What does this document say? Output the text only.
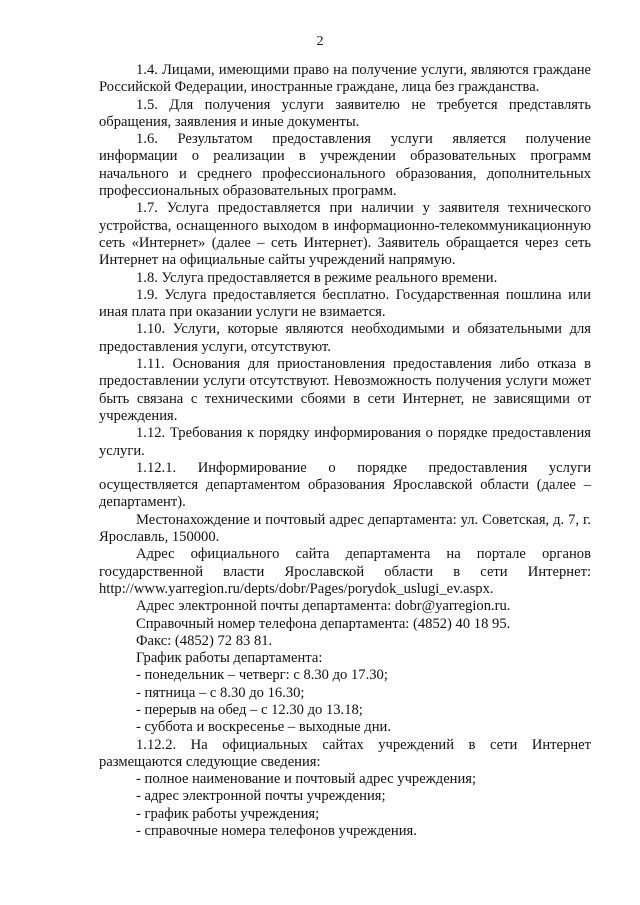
2

1.4. Лицами, имеющими право на получение услуги, являются граждане Российской Федерации, иностранные граждане, лица без гражданства.

1.5. Для получения услуги заявителю не требуется представлять обращения, заявления и иные документы.

1.6. Результатом предоставления услуги является получение информации о реализации в учреждении образовательных программ начального и среднего профессионального образования, дополнительных профессиональных образовательных программ.

1.7. Услуга предоставляется при наличии у заявителя технического устройства, оснащенного выходом в информационно-телекоммуникационную сеть «Интернет» (далее – сеть Интернет). Заявитель обращается через сеть Интернет на официальные сайты учреждений напрямую.

1.8. Услуга предоставляется в режиме реального времени.

1.9. Услуга предоставляется бесплатно. Государственная пошлина или иная плата при оказании услуги не взимается.

1.10. Услуги, которые являются необходимыми и обязательными для предоставления услуги, отсутствуют.

1.11. Основания для приостановления предоставления либо отказа в предоставлении услуги отсутствуют. Невозможность получения услуги может быть связана с техническими сбоями в сети Интернет, не зависящими от учреждения.

1.12. Требования к порядку информирования о порядке предоставления услуги.

1.12.1. Информирование о порядке предоставления услуги осуществляется департаментом образования Ярославской области (далее – департамент).

Местонахождение и почтовый адрес департамента: ул. Советская, д. 7, г. Ярославль, 150000.

Адрес официального сайта департамента на портале органов государственной власти Ярославской области в сети Интернет: http://www.yarregion.ru/depts/dobr/Pages/porydok_uslugi_ev.aspx.

Адрес электронной почты департамента: dobr@yarregion.ru.

Справочный номер телефона департамента: (4852) 40 18 95.

Факс: (4852) 72 83 81.

График работы департамента:

- понедельник – четверг: с 8.30 до 17.30;

- пятница – с 8.30 до 16.30;

- перерыв на обед – с 12.30 до 13.18;

- суббота и воскресенье – выходные дни.

1.12.2. На официальных сайтах учреждений в сети Интернет размещаются следующие сведения:

- полное наименование и почтовый адрес учреждения;

- адрес электронной почты учреждения;

- график работы учреждения;

- справочные номера телефонов учреждения.
